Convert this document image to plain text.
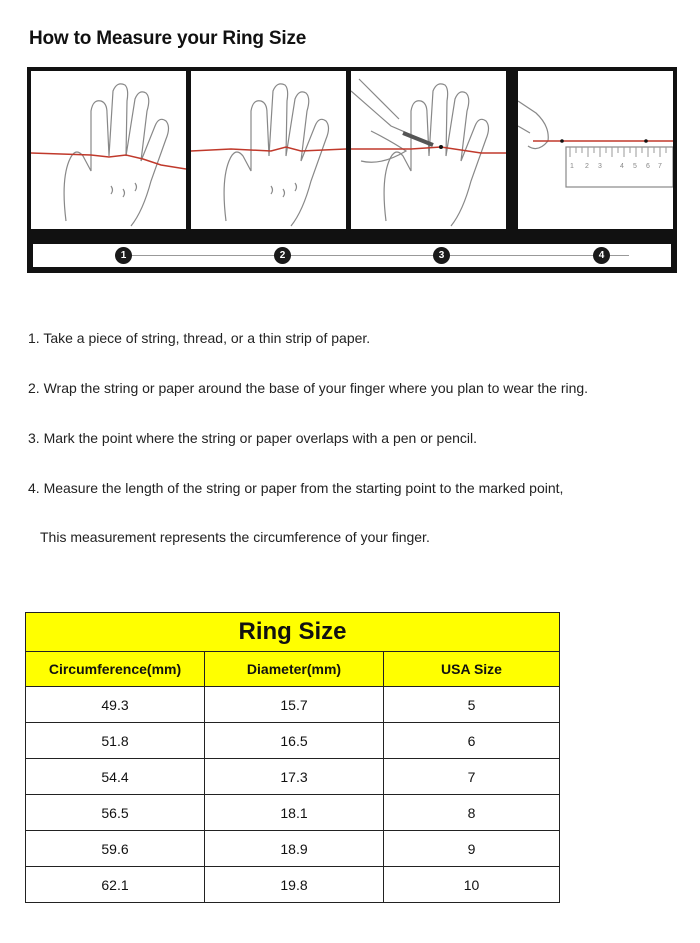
How to Measure your Ring Size
1 2 3	4 5 6 7
1	2	3	4
1. Take a piece of string, thread, or a thin strip of paper.
2. Wrap the string or paper around the base of your finger where you plan to wear the ring.
3. Mark the point where the string or paper overlaps with a pen or pencil.
4. Measure the length of the string or paper from the starting point to the marked point,
This measurement represents the circumference of your finger.
Ring Size		
Circumference(mm)	Diameter(mm)	USA Size
49.3	15.7	5
51.8	16.5	6
54.4	17.3	7
56.5	18.1	8
59.6	18.9	9
62.1	19.8	10
